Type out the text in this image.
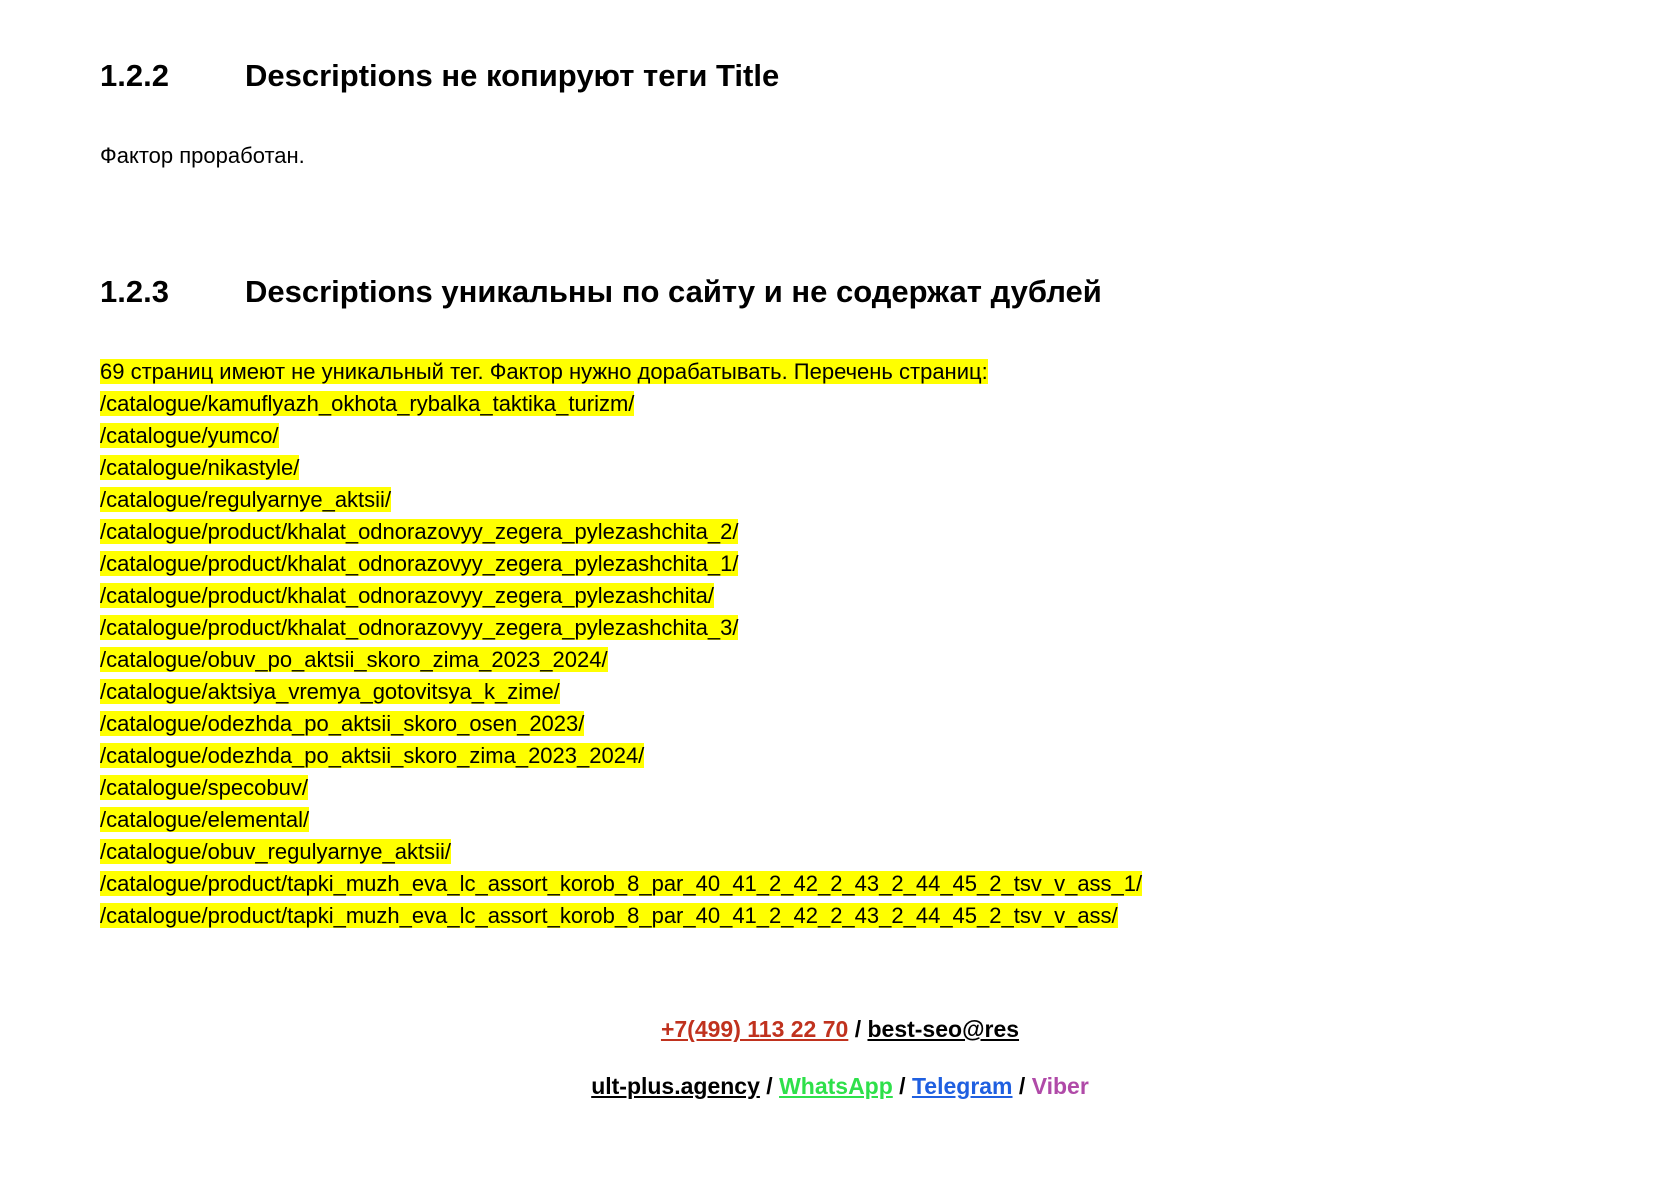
1.2.2 Descriptions не копируют теги Title
Фактор проработан.
1.2.3 Descriptions уникальны по сайту и не содержат дублей
69 страниц имеют не уникальный тег. Фактор нужно дорабатывать. Перечень страниц:
/catalogue/kamuflyazh_okhota_rybalka_taktika_turizm/
/catalogue/yumco/
/catalogue/nikastyle/
/catalogue/regulyarnye_aktsii/
/catalogue/product/khalat_odnorazovyy_zegera_pylezashchita_2/
/catalogue/product/khalat_odnorazovyy_zegera_pylezashchita_1/
/catalogue/product/khalat_odnorazovyy_zegera_pylezashchita/
/catalogue/product/khalat_odnorazovyy_zegera_pylezashchita_3/
/catalogue/obuv_po_aktsii_skoro_zima_2023_2024/
/catalogue/aktsiya_vremya_gotovitsya_k_zime/
/catalogue/odezhda_po_aktsii_skoro_osen_2023/
/catalogue/odezhda_po_aktsii_skoro_zima_2023_2024/
/catalogue/specobuv/
/catalogue/elemental/
/catalogue/obuv_regulyarnye_aktsii/
/catalogue/product/tapki_muzh_eva_lc_assort_korob_8_par_40_41_2_42_2_43_2_44_45_2_tsv_v_ass_1/
/catalogue/product/tapki_muzh_eva_lc_assort_korob_8_par_40_41_2_42_2_43_2_44_45_2_tsv_v_ass/
+7(499) 113 22 70 / best-seo@res
ult-plus.agency / WhatsApp / Telegram / Viber
